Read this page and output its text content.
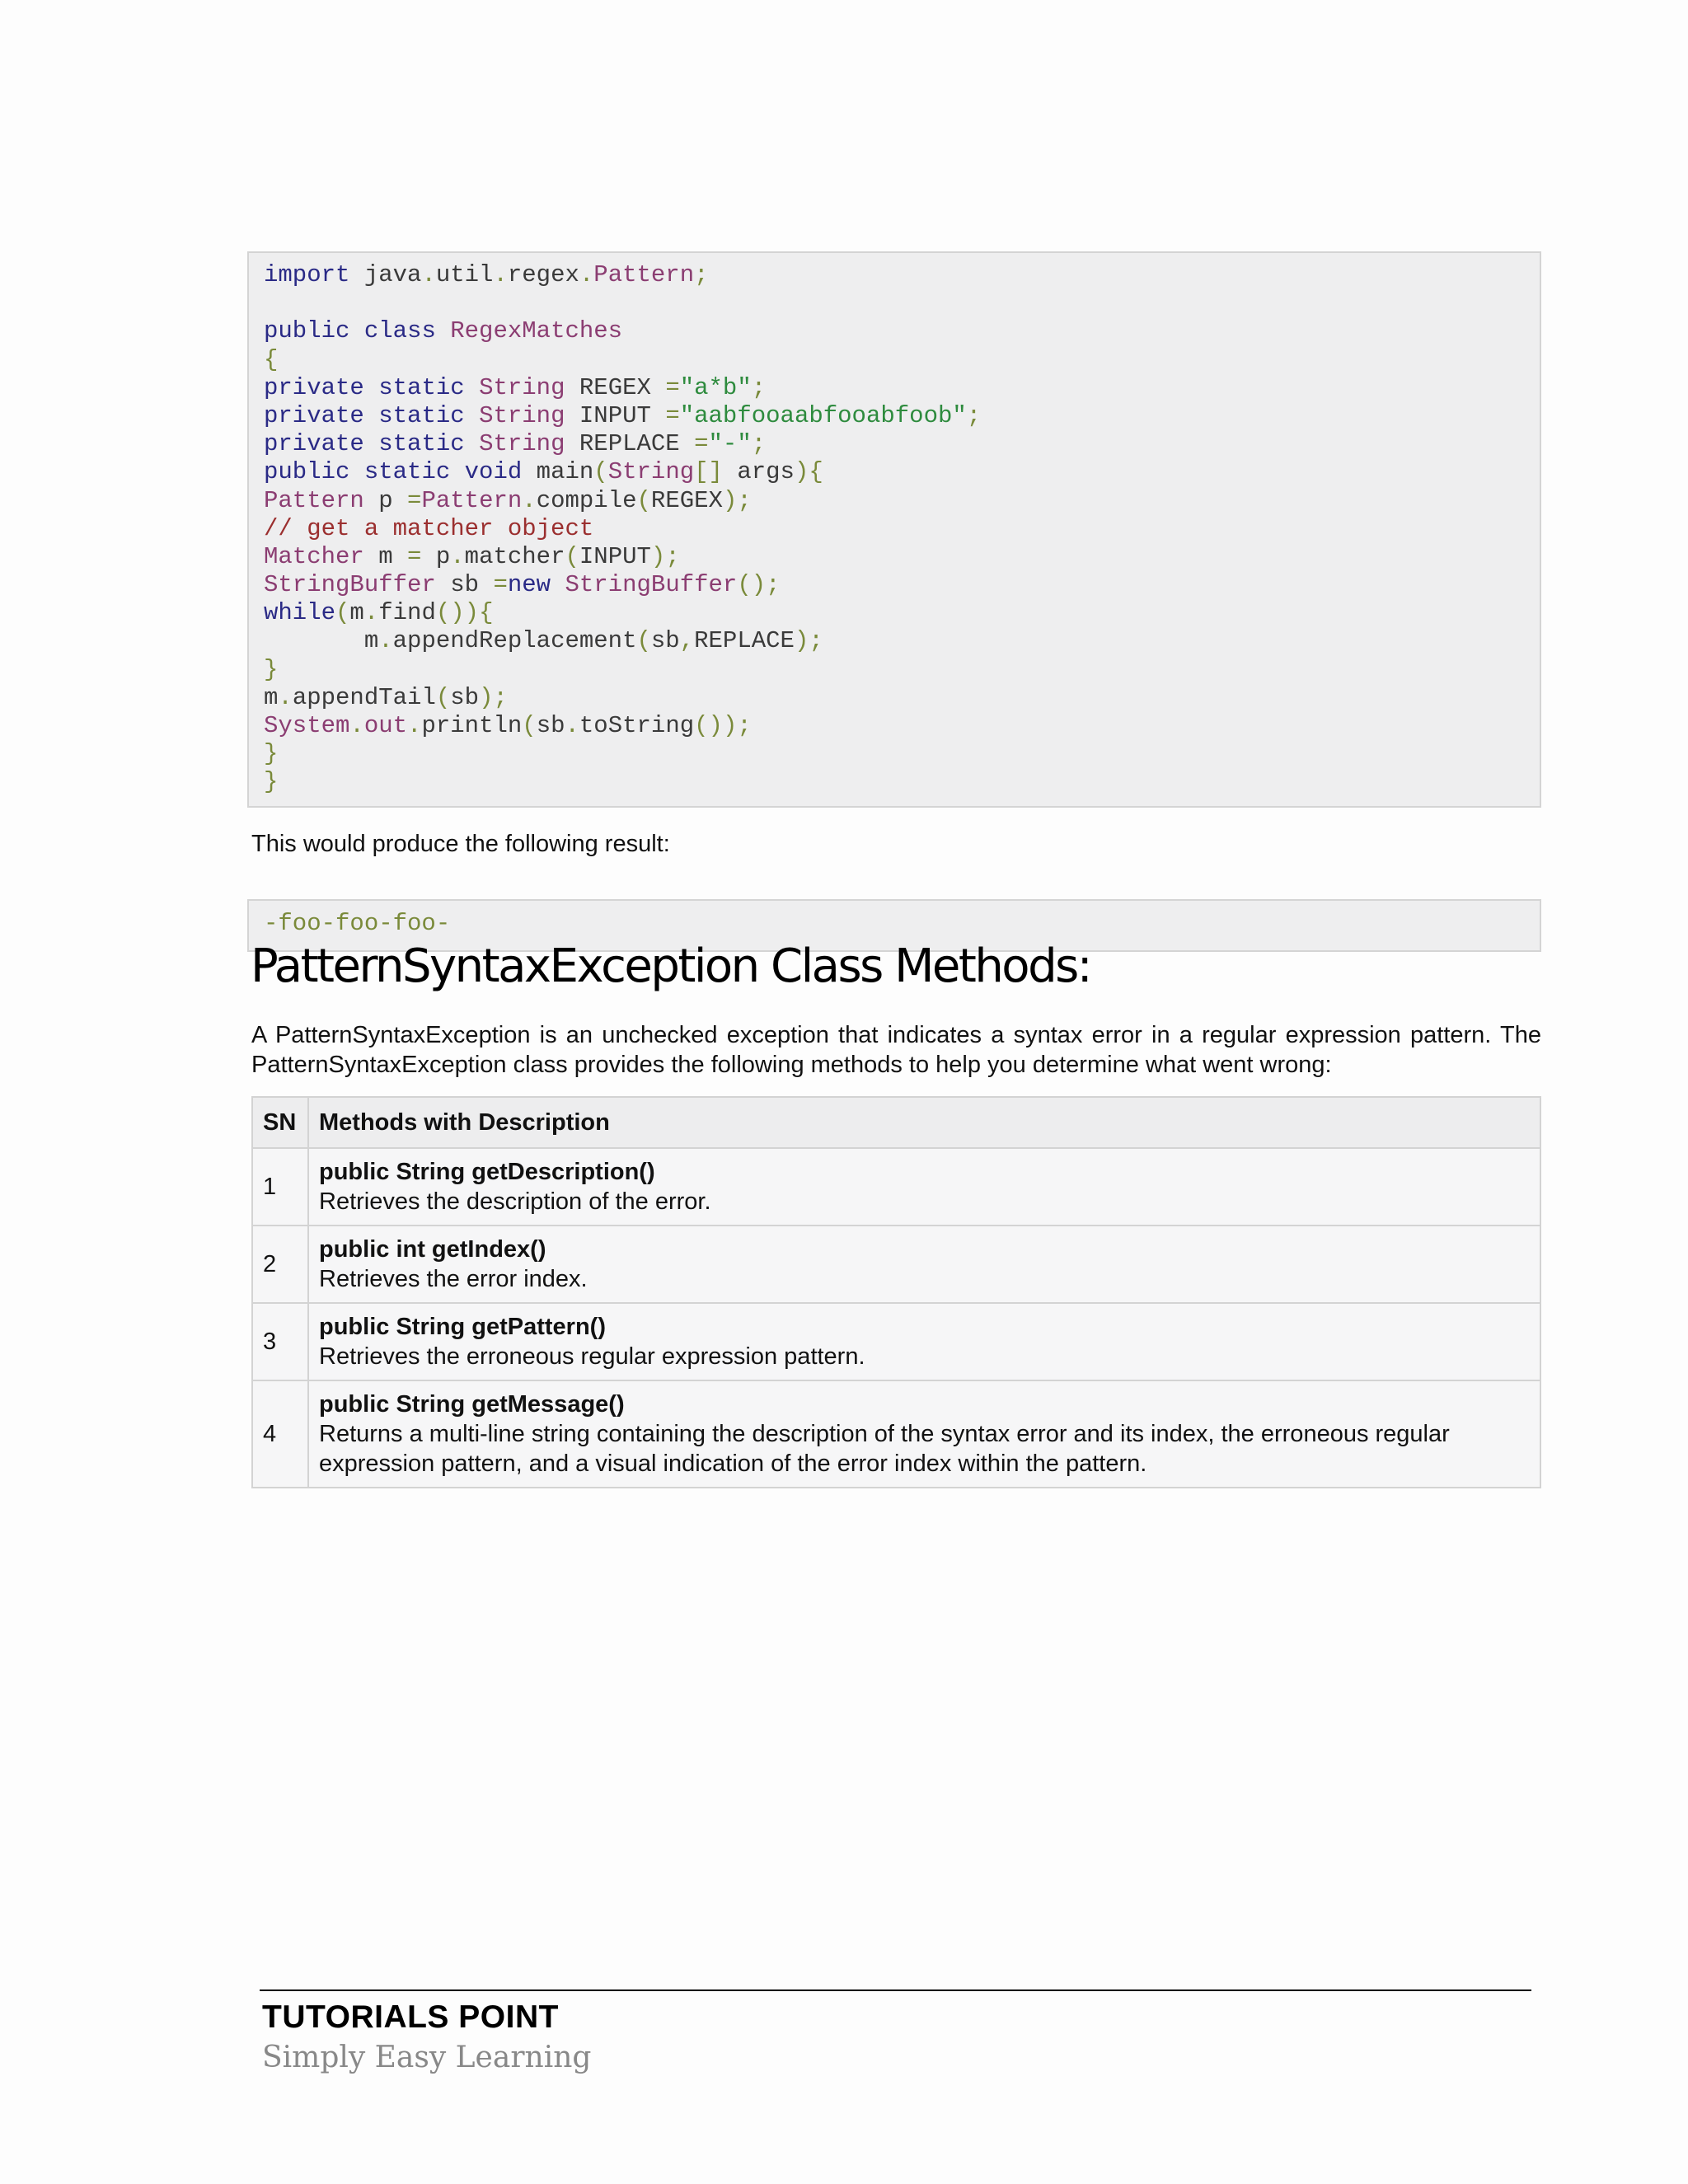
import java.util.regex.Pattern;
public class RegexMatches
{
private static String REGEX ="a*b";
private static String INPUT ="aabfooaabfooabfoob";
private static String REPLACE ="-";
public static void main(String[] args){
Pattern p =Pattern.compile(REGEX);
// get a matcher object
Matcher m = p.matcher(INPUT);
StringBuffer sb =new StringBuffer();
while(m.find()){
m.appendReplacement(sb,REPLACE);
}
m.appendTail(sb);
System.out.println(sb.toString());
}
}
This would produce the following result:
-foo-foo-foo-
PatternSyntaxException Class Methods:

A PatternSyntaxException is an unchecked exception that indicates a syntax error in a regular expression pattern. The PatternSyntaxException class provides the following methods to help you determine what went wrong:

SN	Methods with Description
1	public String getDescription()
Retrieves the description of the error.

2	public int getIndex()
Retrieves the error index.

3	public String getPattern()
Retrieves the erroneous regular expression pattern.

4	public String getMessage()
Returns a multi-line string containing the description of the syntax error and its index, the erroneous regular expression pattern, and a visual indication of the error index within the pattern.
TUTORIALS POINT
Simply Easy Learning
